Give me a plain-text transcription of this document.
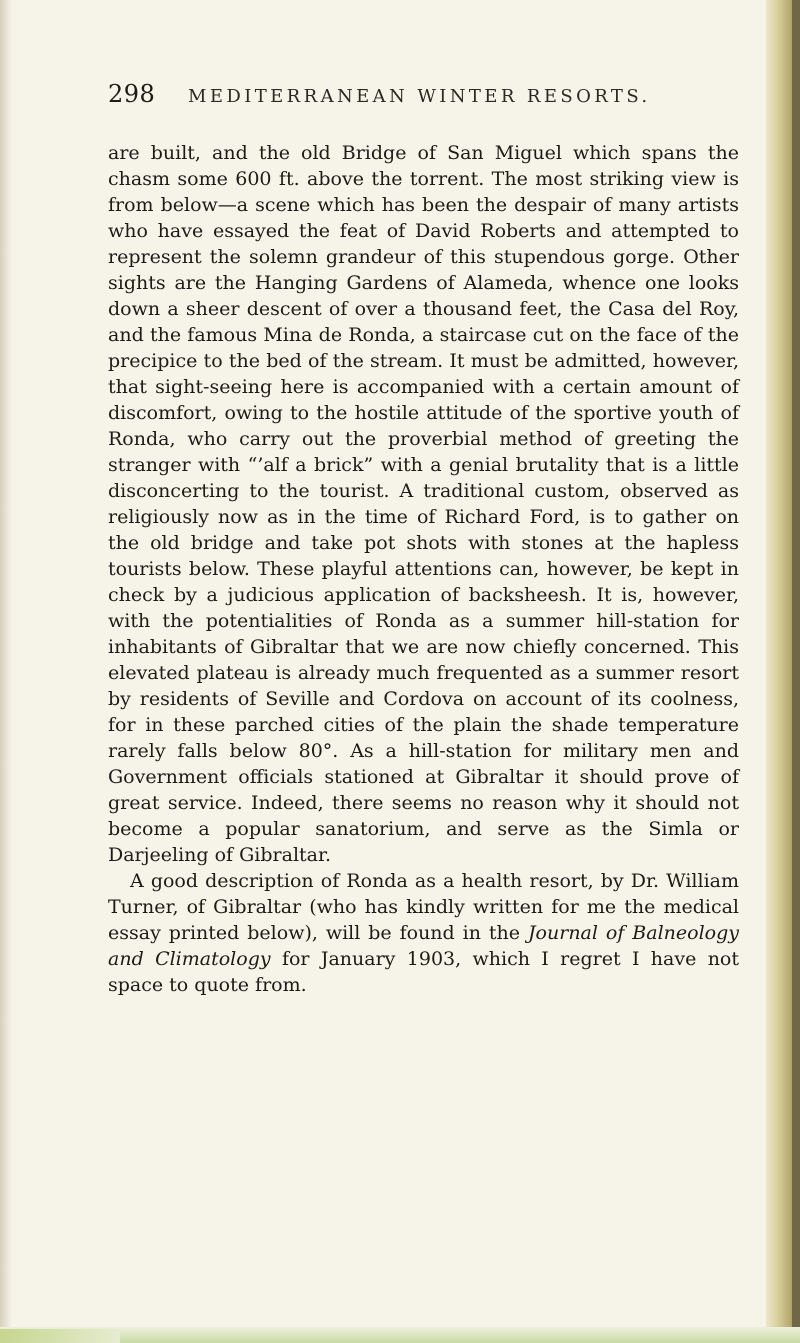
298 MEDITERRANEAN WINTER RESORTS.

are built, and the old Bridge of San Miguel which spans the chasm some 600 ft. above the torrent. The most striking view is from below—a scene which has been the despair of many artists who have essayed the feat of David Roberts and attempted to represent the solemn grandeur of this stupendous gorge. Other sights are the Hanging Gardens of Alameda, whence one looks down a sheer descent of over a thousand feet, the Casa del Roy, and the famous Mina de Ronda, a staircase cut on the face of the precipice to the bed of the stream. It must be admitted, however, that sight-seeing here is accompanied with a certain amount of discomfort, owing to the hostile attitude of the sportive youth of Ronda, who carry out the proverbial method of greeting the stranger with “’alf a brick” with a genial brutality that is a little disconcerting to the tourist. A traditional custom, observed as religiously now as in the time of Richard Ford, is to gather on the old bridge and take pot shots with stones at the hapless tourists below. These playful attentions can, however, be kept in check by a judicious application of backsheesh. It is, however, with the potentialities of Ronda as a summer hill-station for inhabitants of Gibraltar that we are now chiefly concerned. This elevated plateau is already much frequented as a summer resort by residents of Seville and Cordova on account of its coolness, for in these parched cities of the plain the shade temperature rarely falls below 80°. As a hill-station for military men and Government officials stationed at Gibraltar it should prove of great service. Indeed, there seems no reason why it should not become a popular sanatorium, and serve as the Simla or Darjeeling of Gibraltar.

A good description of Ronda as a health resort, by Dr. William Turner, of Gibraltar (who has kindly written for me the medical essay printed below), will be found in the Journal of Balneology and Climatology for January 1903, which I regret I have not space to quote from.
